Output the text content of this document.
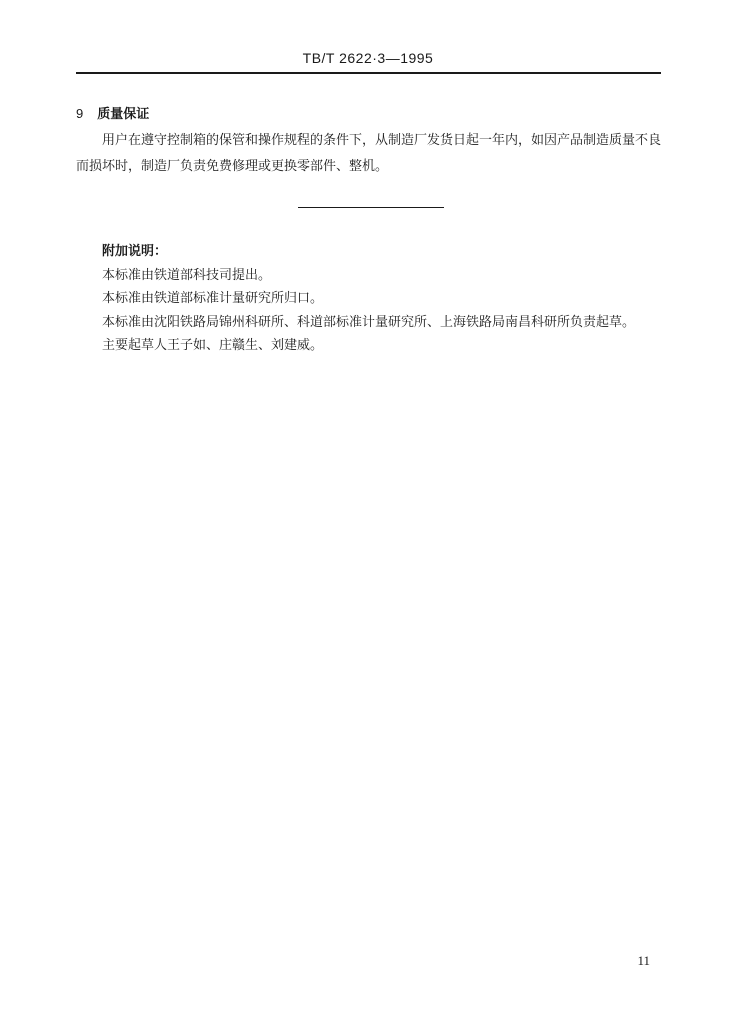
TB/T 2622·3—1995
9 质量保证
用户在遵守控制箱的保管和操作规程的条件下，从制造厂发货日起一年内，如因产品制造质量不良而损坏时，制造厂负责免费修理或更换零部件、整机。
附加说明：
本标准由铁道部科技司提出。
本标准由铁道部标准计量研究所归口。
本标准由沈阳铁路局锦州科研所、科道部标准计量研究所、上海铁路局南昌科研所负责起草。
主要起草人王子如、庄赣生、刘建威。
11
